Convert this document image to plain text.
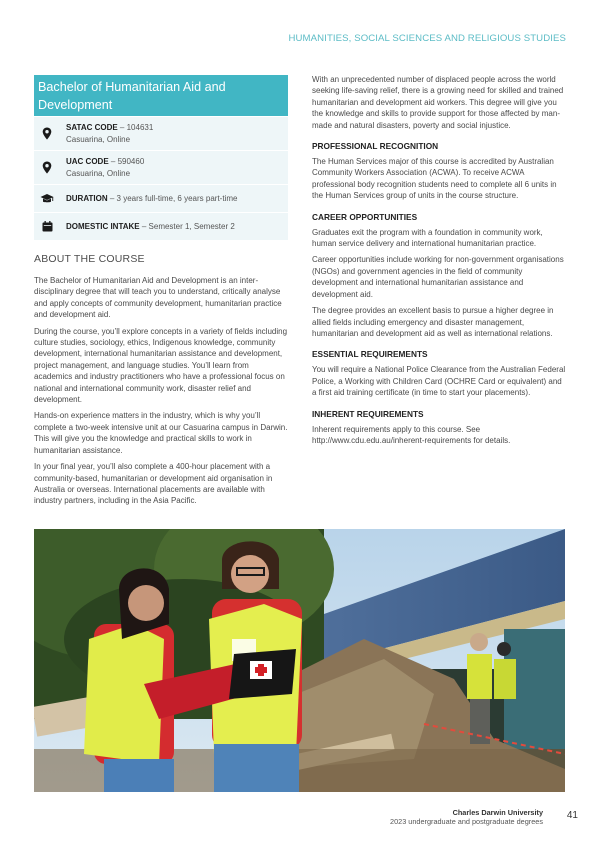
HUMANITIES, SOCIAL SCIENCES AND RELIGIOUS STUDIES
Bachelor of Humanitarian Aid and Development
SATAC CODE – 104631
Casuarina, Online
UAC CODE – 590460
Casuarina, Online
DURATION – 3 years full-time, 6 years part-time
DOMESTIC INTAKE – Semester 1, Semester 2
ABOUT THE COURSE

The Bachelor of Humanitarian Aid and Development is an inter-disciplinary degree that will teach you to understand, critically analyse and apply concepts of community development, humanitarian practice and development aid.

During the course, you’ll explore concepts in a variety of fields including culture studies, sociology, ethics, Indigenous knowledge, community development, international humanitarian assistance and development, project management, and language studies. You’ll learn from academics and industry practitioners who have a professional focus on national and international community work, disaster relief and development.

Hands-on experience matters in the industry, which is why you’ll complete a two-week intensive unit at our Casuarina campus in Darwin. This will give you the knowledge and practical skills to work in humanitarian assistance.

In your final year, you’ll also complete a 400-hour placement with a community-based, humanitarian or development aid organisation in Australia or overseas. International placements are available with industry partners, including in the Asia Pacific.

With an unprecedented number of displaced people across the world seeking life-saving relief, there is a growing need for skilled and trained humanitarian and development aid workers. This degree will give you the knowledge and skills to provide support for those affected by man-made and natural disasters, poverty and social injustice.

PROFESSIONAL RECOGNITION

The Human Services major of this course is accredited by Australian Community Workers Association (ACWA). To receive ACWA professional body recognition students need to complete all 6 units in the Human Services group of units in the course structure.

CAREER OPPORTUNITIES

Graduates exit the program with a foundation in community work, human service delivery and international humanitarian practice.

Career opportunities include working for non-government organisations (NGOs) and government agencies in the field of community development and international humanitarian assistance and development aid.

The degree provides an excellent basis to pursue a higher degree in allied fields including emergency and disaster management, humanitarian and development aid as well as international relations.

ESSENTIAL REQUIREMENTS

You will require a National Police Clearance from the Australian Federal Police, a Working with Children Card (OCHRE Card or equivalent) and a first aid training certificate (in time to start your placements).

INHERENT REQUIREMENTS

Inherent requirements apply to this course. See http://www.cdu.edu.au/inherent-requirements for details.

Charles Darwin University
2023 undergraduate and postgraduate degrees
41
